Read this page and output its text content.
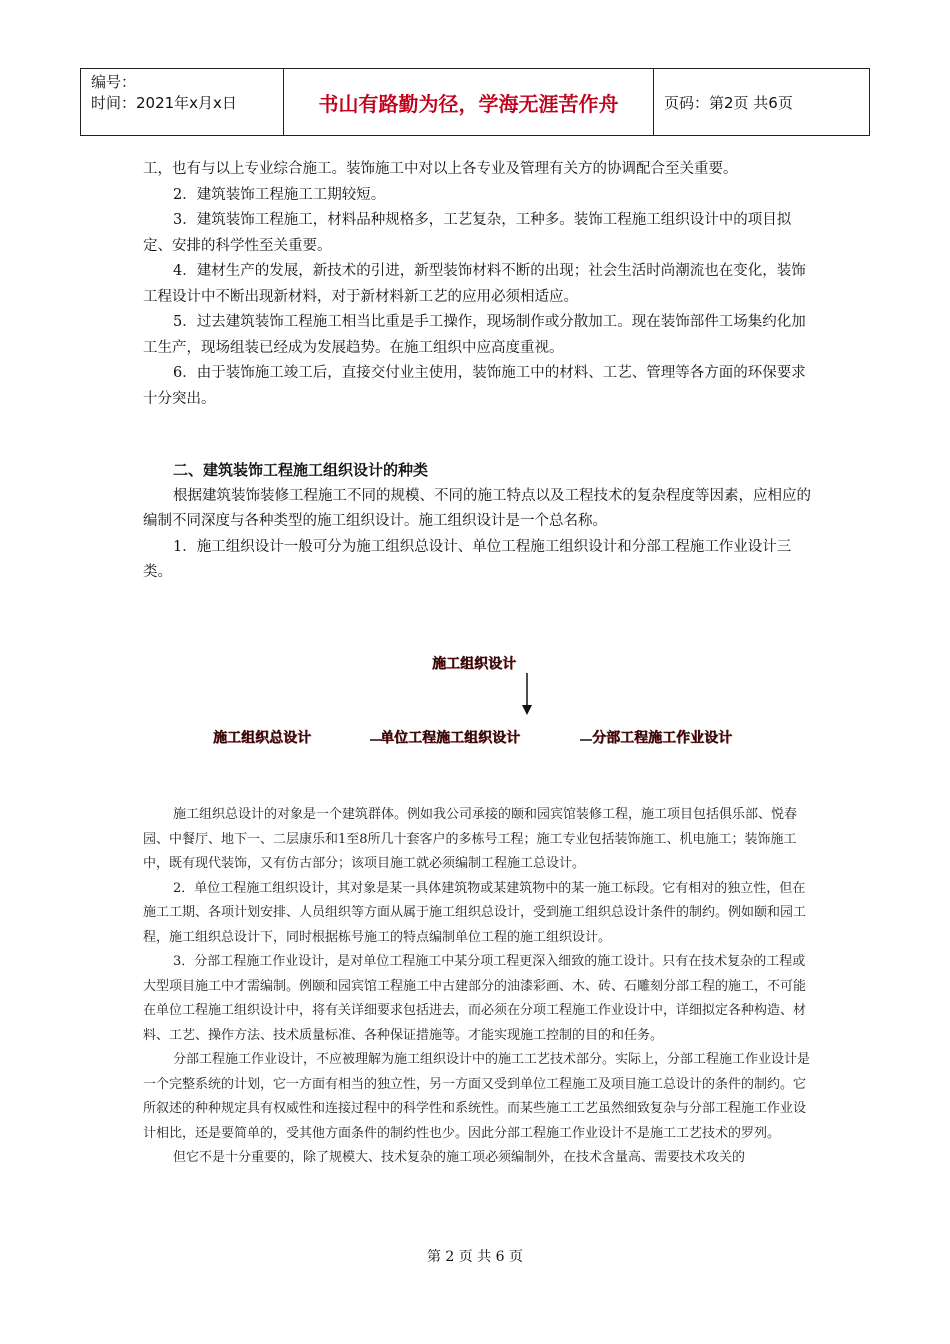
编号：
时间：2021年x月x日	书山有路勤为径，学海无涯苦作舟	页码：第2页 共6页

工，也有与以上专业综合施工。装饰施工中对以上各专业及管理有关方的协调配合至关重要。

2．建筑装饰工程施工工期较短。

3．建筑装饰工程施工，材料品种规格多，工艺复杂，工种多。装饰工程施工组织设计中的项目拟定、安排的科学性至关重要。

4．建材生产的发展，新技术的引进，新型装饰材料不断的出现；社会生活时尚潮流也在变化，装饰工程设计中不断出现新材料，对于新材料新工艺的应用必须相适应。

5．过去建筑装饰工程施工相当比重是手工操作，现场制作或分散加工。现在装饰部件工场集约化加工生产，现场组装已经成为发展趋势。在施工组织中应高度重视。

6．由于装饰施工竣工后，直接交付业主使用，装饰施工中的材料、工艺、管理等各方面的环保要求十分突出。

二、建筑装饰工程施工组织设计的种类

根据建筑装饰装修工程施工不同的规模、不同的施工特点以及工程技术的复杂程度等因素，应相应的编制不同深度与各种类型的施工组织设计。施工组织设计是一个总名称。

1．施工组织设计一般可分为施工组织总设计、单位工程施工组织设计和分部工程施工作业设计三类。

施工组织设计
施工组织总设计	单位工程施工组织设计	分部工程施工作业设计

施工组织总设计的对象是一个建筑群体。例如我公司承接的颐和园宾馆装修工程，施工项目包括俱乐部、悦春园、中餐厅、地下一、二层康乐和1至8所几十套客户的多栋号工程；施工专业包括装饰施工、机电施工；装饰施工中，既有现代装饰，又有仿古部分；该项目施工就必须编制工程施工总设计。

2．单位工程施工组织设计，其对象是某一具体建筑物或某建筑物中的某一施工标段。它有相对的独立性，但在施工工期、各项计划安排、人员组织等方面从属于施工组织总设计，受到施工组织总设计条件的制约。例如颐和园工程，施工组织总设计下，同时根据栋号施工的特点编制单位工程的施工组织设计。

3．分部工程施工作业设计，是对单位工程施工中某分项工程更深入细致的施工设计。只有在技术复杂的工程或大型项目施工中才需编制。例颐和园宾馆工程施工中古建部分的油漆彩画、木、砖、石雕刻分部工程的施工，不可能在单位工程施工组织设计中，将有关详细要求包括进去，而必须在分项工程施工作业设计中，详细拟定各种构造、材料、工艺、操作方法、技术质量标准、各种保证措施等。才能实现施工控制的目的和任务。

分部工程施工作业设计，不应被理解为施工组织设计中的施工工艺技术部分。实际上，分部工程施工作业设计是一个完整系统的计划，它一方面有相当的独立性，另一方面又受到单位工程施工及项目施工总设计的条件的制约。它所叙述的种种规定具有权威性和连接过程中的科学性和系统性。而某些施工工艺虽然细致复杂与分部工程施工作业设计相比，还是要简单的，受其他方面条件的制约性也少。因此分部工程施工作业设计不是施工工艺技术的罗列。

但它不是十分重要的，除了规模大、技术复杂的施工项必须编制外，在技术含量高、需要技术攻关的

第 2 页 共 6 页
